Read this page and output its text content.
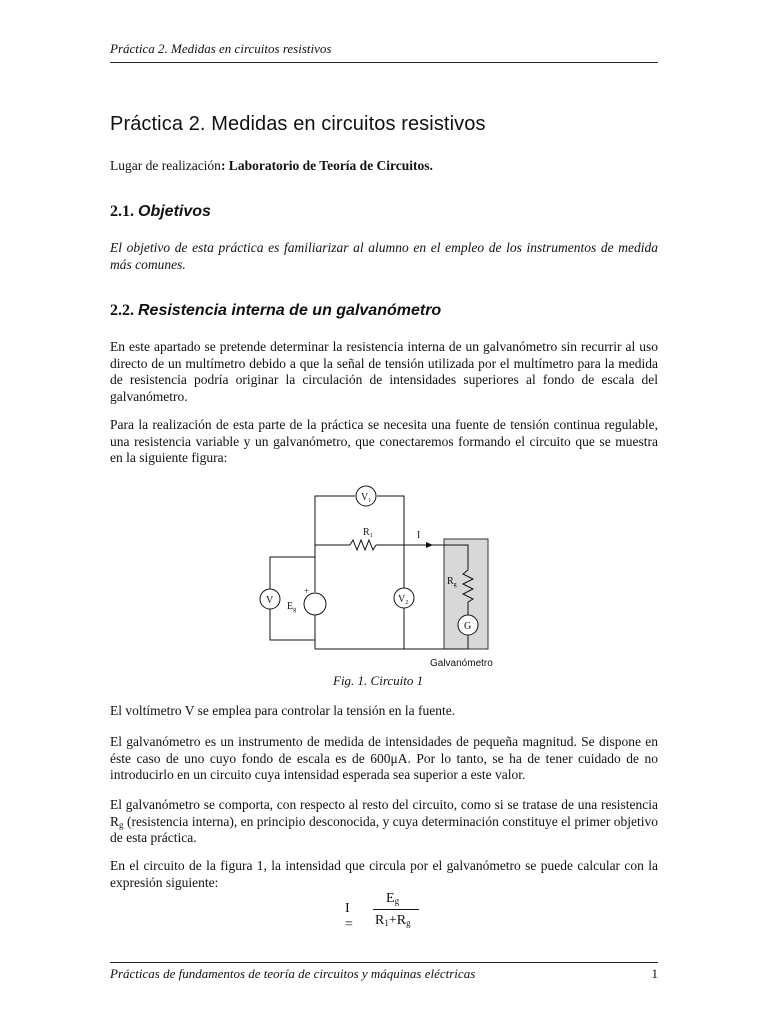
Práctica 2. Medidas en circuitos resistivos
Práctica 2. Medidas en circuitos resistivos
Lugar de realización: Laboratorio de Teoría de Circuitos.
2.1. Objetivos
El objetivo de esta práctica es familiarizar al alumno en el empleo de los instrumentos de medida más comunes.
2.2. Resistencia interna de un galvanómetro
En este apartado se pretende determinar la resistencia interna de un galvanómetro sin recurrir al uso directo de un multímetro debido a que la señal de tensión utilizada por el multímetro para la medida de resistencia podría originar la circulación de intensidades superiores al fondo de escala del galvanómetro.
Para la realización de esta parte de la práctica se necesita una fuente de tensión continua regulable, una resistencia variable y un galvanómetro, que conectaremos formando el circuito que se muestra en la siguiente figura:
$V_1$
$R_1$	I
$R_g$
V
$E_g$
+
$V_2$
G
Galvanómetro
Fig. 1. Circuito 1
El voltímetro V se emplea para controlar la tensión en la fuente.
El galvanómetro es un instrumento de medida de intensidades de pequeña magnitud. Se dispone en éste caso de uno cuyo fondo de escala es de 600μA. Por lo tanto, se ha de tener cuidado de no introducirlo en un circuito cuya intensidad esperada sea superior a este valor.
El galvanómetro se comporta, con respecto al resto del circuito, como si se tratase de una resistencia $R_g$ (resistencia interna), en principio desconocida, y cuya determinación constituye el primer objetivo de esta práctica.
En el circuito de la figura 1, la intensidad que circula por el galvanómetro se puede calcular con la expresión siguiente:
I =
$E_g$
$R_1+R_g$
Prácticas de fundamentos de teoría de circuitos y máquinas eléctricas	1
